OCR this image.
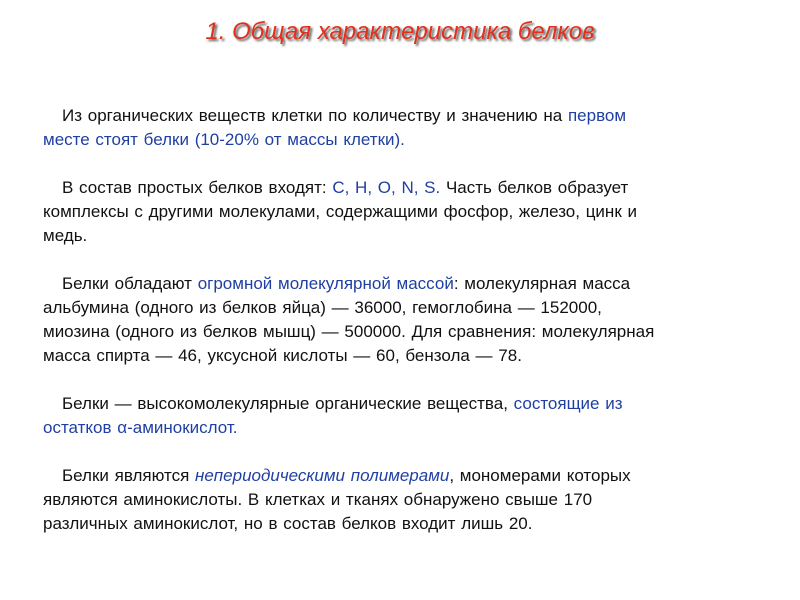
1. Общая характеристика белков
Из органических веществ клетки по количеству и значению на первом
месте стоят белки (10-20% от массы клетки).
В состав простых белков входят: C, H, O, N, S. Часть белков образует
комплексы с другими молекулами, содержащими фосфор, железо, цинк и
медь.
Белки обладают огромной молекулярной массой: молекулярная масса
альбумина (одного из белков яйца) — 36000, гемоглобина — 152000,
миозина (одного из белков мышц) — 500000. Для сравнения: молекулярная
масса спирта — 46, уксусной кислоты — 60, бензола — 78.
Белки — высокомолекулярные органические вещества, состоящие из
остатков α-аминокислот.
Белки являются непериодическими полимерами, мономерами которых
являются аминокислоты. В клетках и тканях обнаружено свыше 170
различных аминокислот, но в состав белков входит лишь 20.
